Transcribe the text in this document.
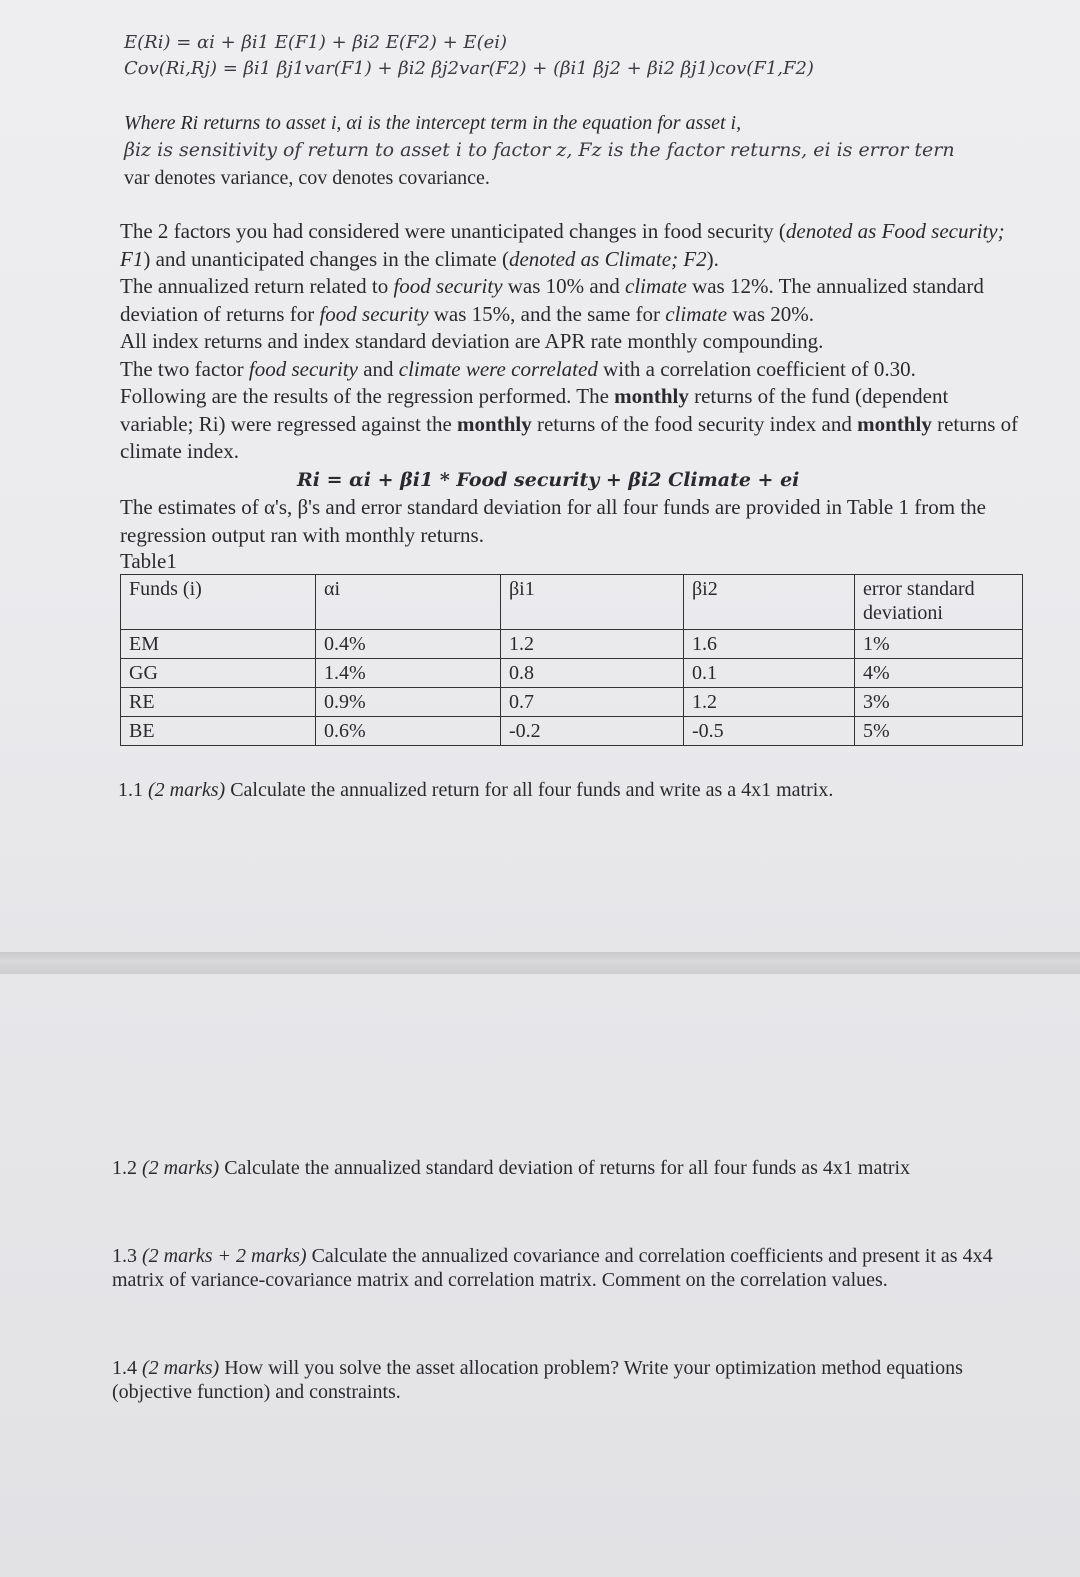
E(Ri) = αi + βi1 E(F1) + βi2 E(F2) + E(ei)
Cov(Ri,Rj) = βi1 βj1var(F1) + βi2 βj2var(F2) + (βi1 βj2 + βi2 βj1)cov(F1,F2)
Where Ri returns to asset i, αi is the intercept term in the equation for asset i,
βiz is sensitivity of return to asset i to factor z, Fz is the factor returns, ei is error tern
var denotes variance, cov denotes covariance.

The 2 factors you had considered were unanticipated changes in food security (denoted as Food security; F1) and unanticipated changes in the climate (denoted as Climate; F2).

The annualized return related to food security was 10% and climate was 12%. The annualized standard deviation of returns for food security was 15%, and the same for climate was 20%.

All index returns and index standard deviation are APR rate monthly compounding.

The two factor food security and climate were correlated with a correlation coefficient of 0.30.

Following are the results of the regression performed. The monthly returns of the fund (dependent variable; Ri) were regressed against the monthly returns of the food security index and monthly returns of climate index.

Ri = αi + βi1 * Food security + βi2 Climate + ei
The estimates of α's, β's and error standard deviation for all four funds are provided in Table 1 from the regression output ran with monthly returns.
Table1
Funds (i)	αi	βi1	βi2	error standard deviationi
EM	0.4%	1.2	1.6	1%
GG	1.4%	0.8	0.1	4%
RE	0.9%	0.7	1.2	3%
BE	0.6%	-0.2	-0.5	5%
1.1 (2 marks) Calculate the annualized return for all four funds and write as a 4x1 matrix.
1.2 (2 marks) Calculate the annualized standard deviation of returns for all four funds as 4x1 matrix
1.3 (2 marks + 2 marks) Calculate the annualized covariance and correlation coefficients and present it as 4x4 matrix of variance-covariance matrix and correlation matrix. Comment on the correlation values.
1.4 (2 marks) How will you solve the asset allocation problem? Write your optimization method equations (objective function) and constraints.
